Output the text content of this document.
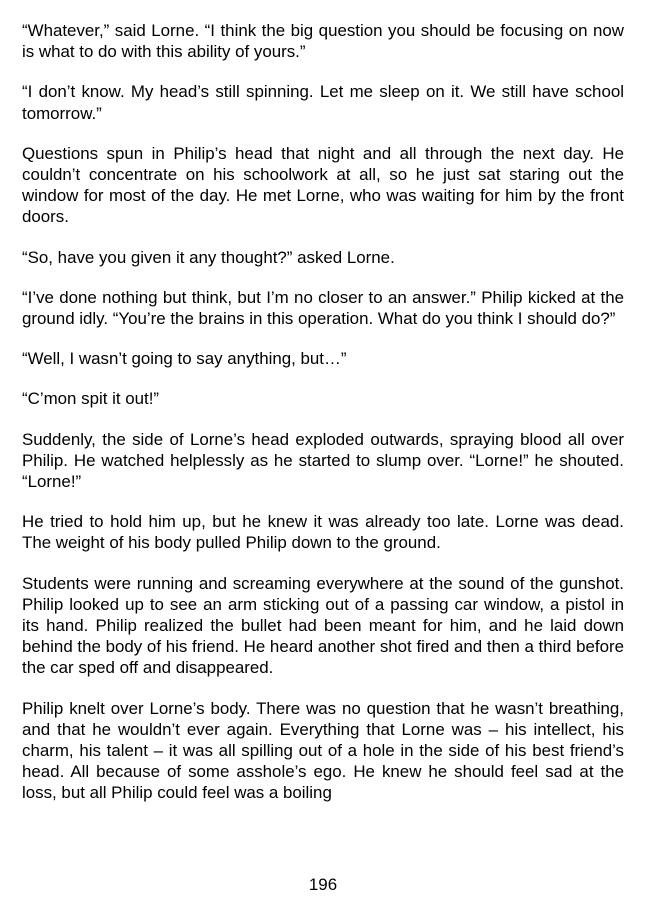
“Whatever,” said Lorne. “I think the big question you should be focusing on now is what to do with this ability of yours.”

“I don’t know. My head’s still spinning. Let me sleep on it. We still have school tomorrow.”

Questions spun in Philip’s head that night and all through the next day. He couldn’t concentrate on his schoolwork at all, so he just sat staring out the window for most of the day. He met Lorne, who was waiting for him by the front doors.

“So, have you given it any thought?” asked Lorne.

“I’ve done nothing but think, but I’m no closer to an answer.” Philip kicked at the ground idly. “You’re the brains in this operation. What do you think I should do?”

“Well, I wasn’t going to say anything, but…”

“C’mon spit it out!”

Suddenly, the side of Lorne’s head exploded outwards, spraying blood all over Philip. He watched helplessly as he started to slump over. “Lorne!” he shouted. “Lorne!”

He tried to hold him up, but he knew it was already too late. Lorne was dead. The weight of his body pulled Philip down to the ground.

Students were running and screaming everywhere at the sound of the gunshot. Philip looked up to see an arm sticking out of a passing car window, a pistol in its hand. Philip realized the bullet had been meant for him, and he laid down behind the body of his friend. He heard another shot fired and then a third before the car sped off and disappeared.

Philip knelt over Lorne’s body. There was no question that he wasn’t breathing, and that he wouldn’t ever again. Everything that Lorne was – his intellect, his charm, his talent – it was all spilling out of a hole in the side of his best friend’s head. All because of some asshole’s ego. He knew he should feel sad at the loss, but all Philip could feel was a boiling

196
